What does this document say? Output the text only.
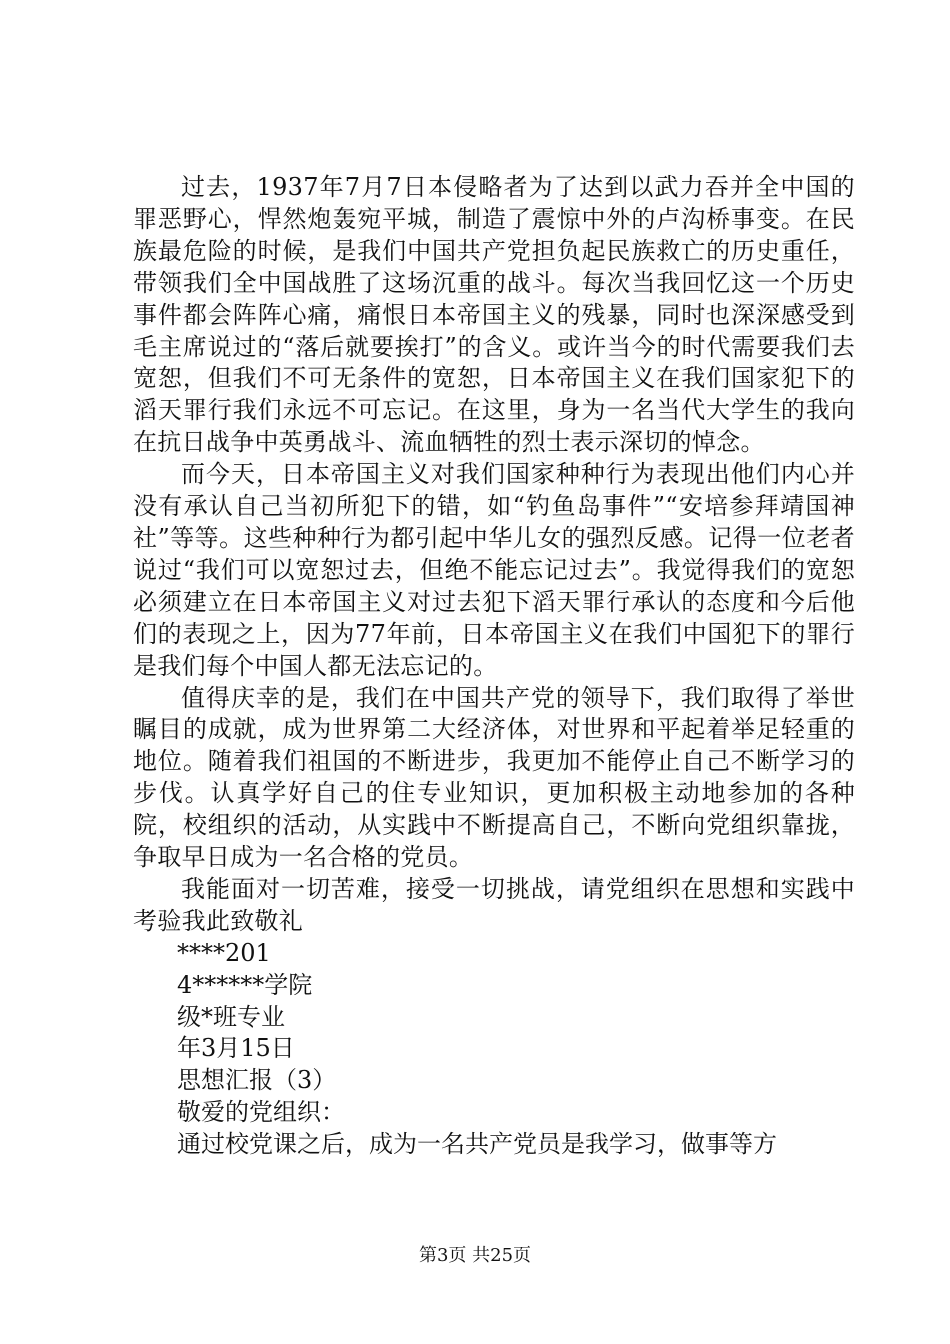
过去，1937年7月7日本侵略者为了达到以武力吞并全中国的罪恶野心，悍然炮轰宛平城，制造了震惊中外的卢沟桥事变。在民族最危险的时候，是我们中国共产党担负起民族救亡的历史重任，带领我们全中国战胜了这场沉重的战斗。每次当我回忆这一个历史事件都会阵阵心痛，痛恨日本帝国主义的残暴，同时也深深感受到毛主席说过的“落后就要挨打”的含义。或许当今的时代需要我们去宽恕，但我们不可无条件的宽恕，日本帝国主义在我们国家犯下的滔天罪行我们永远不可忘记。在这里，身为一名当代大学生的我向在抗日战争中英勇战斗、流血牺牲的烈士表示深切的悼念。

而今天，日本帝国主义对我们国家种种行为表现出他们内心并没有承认自己当初所犯下的错，如“钓鱼岛事件”“安培参拜靖国神社”等等。这些种种行为都引起中华儿女的强烈反感。记得一位老者说过“我们可以宽恕过去，但绝不能忘记过去”。我觉得我们的宽恕必须建立在日本帝国主义对过去犯下滔天罪行承认的态度和今后他们的表现之上，因为77年前，日本帝国主义在我们中国犯下的罪行是我们每个中国人都无法忘记的。

值得庆幸的是，我们在中国共产党的领导下，我们取得了举世瞩目的成就，成为世界第二大经济体，对世界和平起着举足轻重的地位。随着我们祖国的不断进步，我更加不能停止自己不断学习的步伐。认真学好自己的住专业知识，更加积极主动地参加的各种院，校组织的活动，从实践中不断提高自己，不断向党组织靠拢，争取早日成为一名合格的党员。

我能面对一切苦难，接受一切挑战，请党组织在思想和实践中考验我此致敬礼

****201

4******学院

级*班专业

年3月15日

思想汇报（3）

敬爱的党组织：

通过校党课之后，成为一名共产党员是我学习，做事等方

第3页 共25页
